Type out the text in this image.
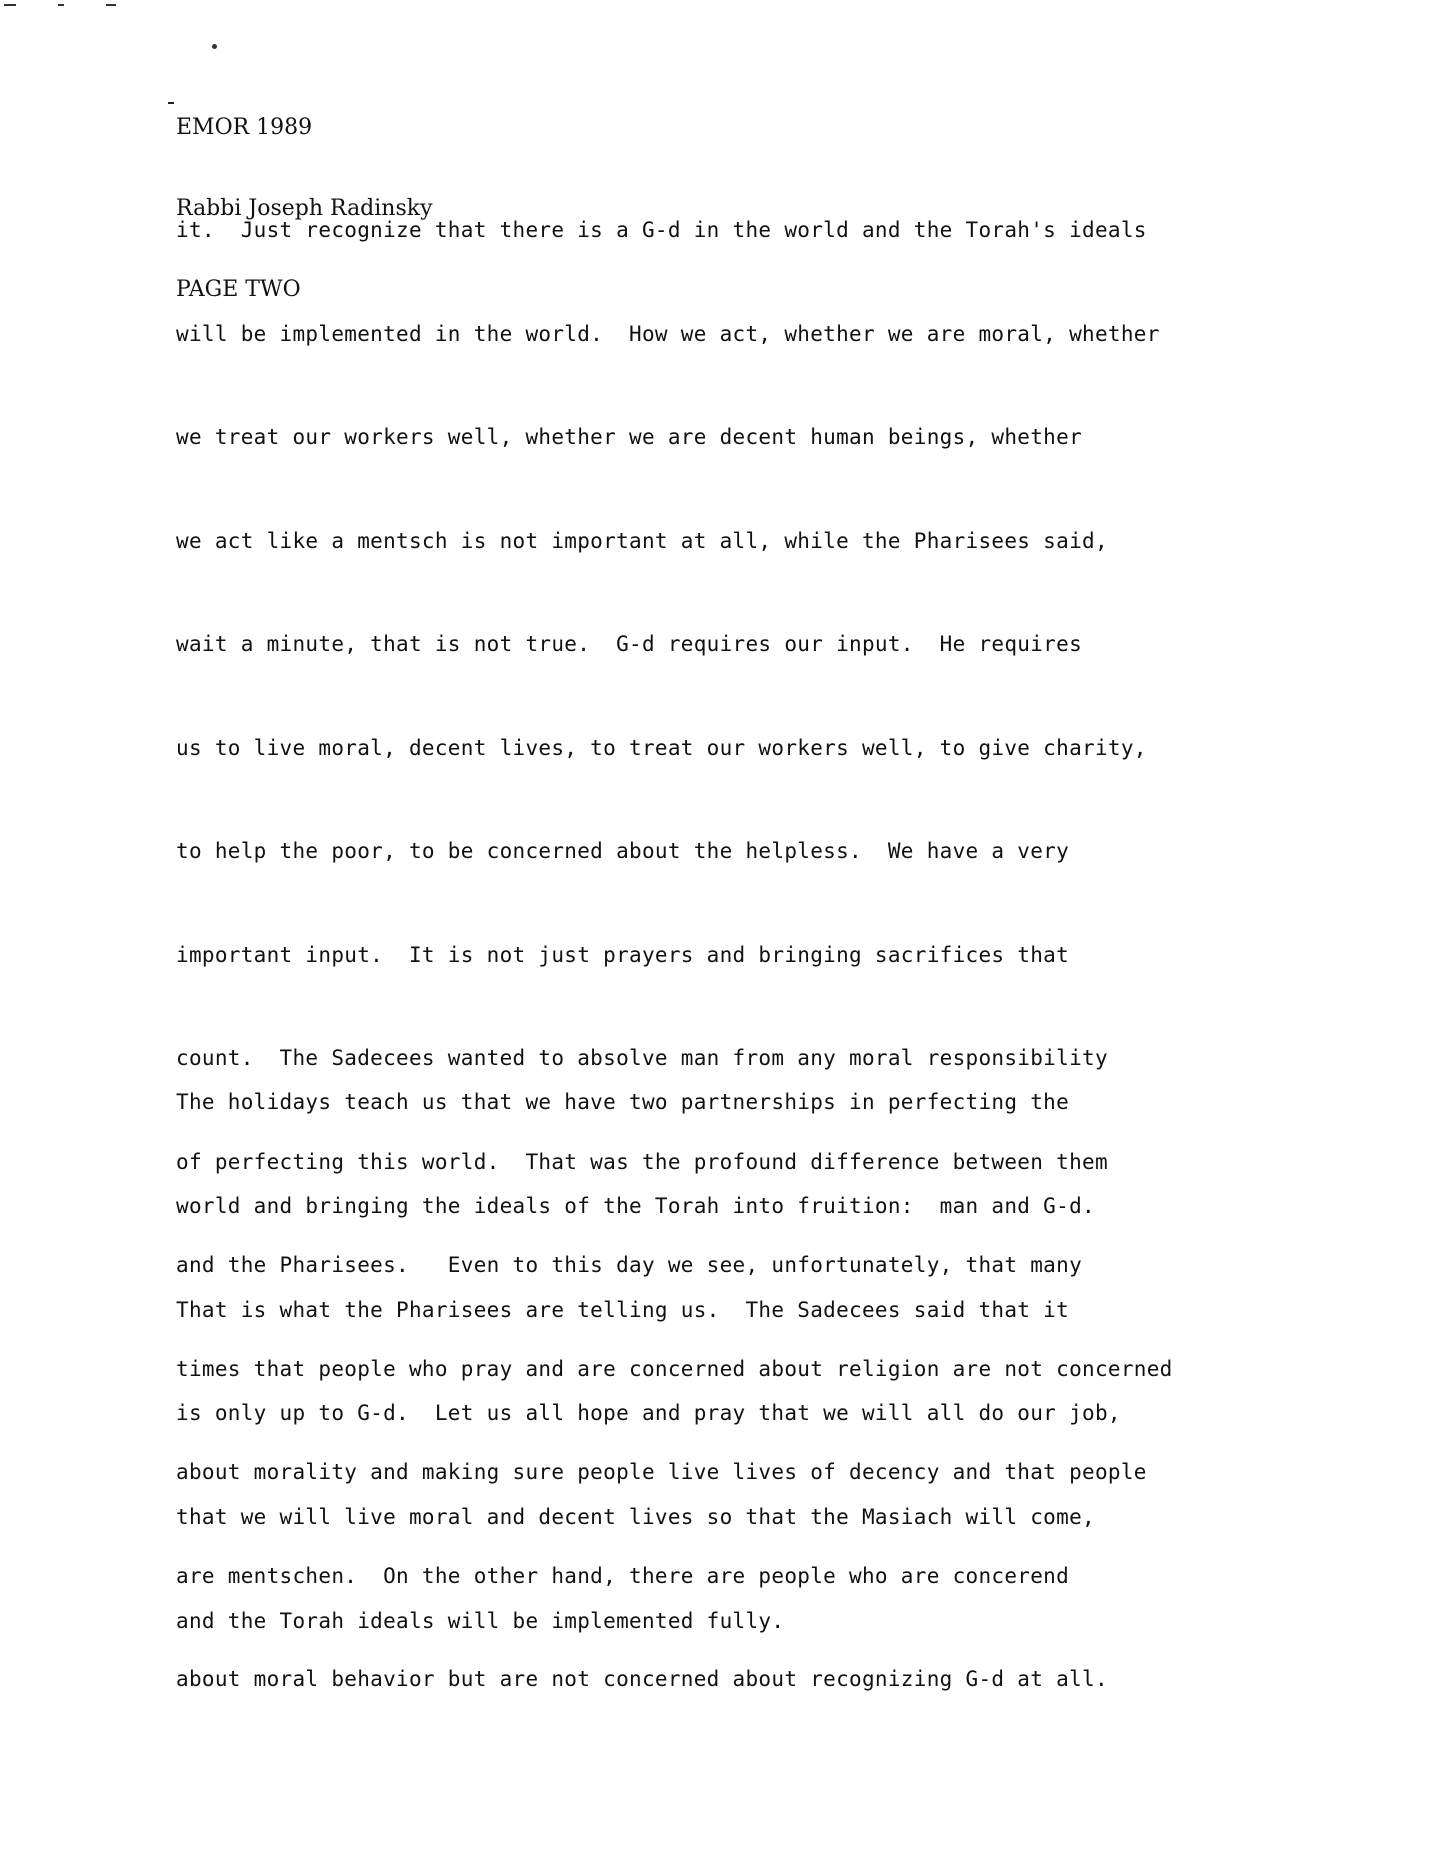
EMOR 1989

Rabbi Joseph Radinsky

PAGE TWO

it.  Just recognize that there is a G-d in the world and the Torah's ideals

will be implemented in the world.  How we act, whether we are moral, whether

we treat our workers well, whether we are decent human beings, whether

we act like a mentsch is not important at all, while the Pharisees said,

wait a minute, that is not true.  G-d requires our input.  He requires

us to live moral, decent lives, to treat our workers well, to give charity,

to help the poor, to be concerned about the helpless.  We have a very

important input.  It is not just prayers and bringing sacrifices that

count.  The Sadecees wanted to absolve man from any moral responsibility

of perfecting this world.  That was the profound difference between them

and the Pharisees.   Even to this day we see, unfortunately, that many

times that people who pray and are concerned about religion are not concerned

about morality and making sure people live lives of decency and that people

are mentschen.  On the other hand, there are people who are concerend

about moral behavior but are not concerned about recognizing G-d at all.

The holidays teach us that we have two partnerships in perfecting the

world and bringing the ideals of the Torah into fruition:  man and G-d.

That is what the Pharisees are telling us.  The Sadecees said that it

is only up to G-d.  Let us all hope and pray that we will all do our job,

that we will live moral and decent lives so that the Masiach will come,

and the Torah ideals will be implemented fully.
